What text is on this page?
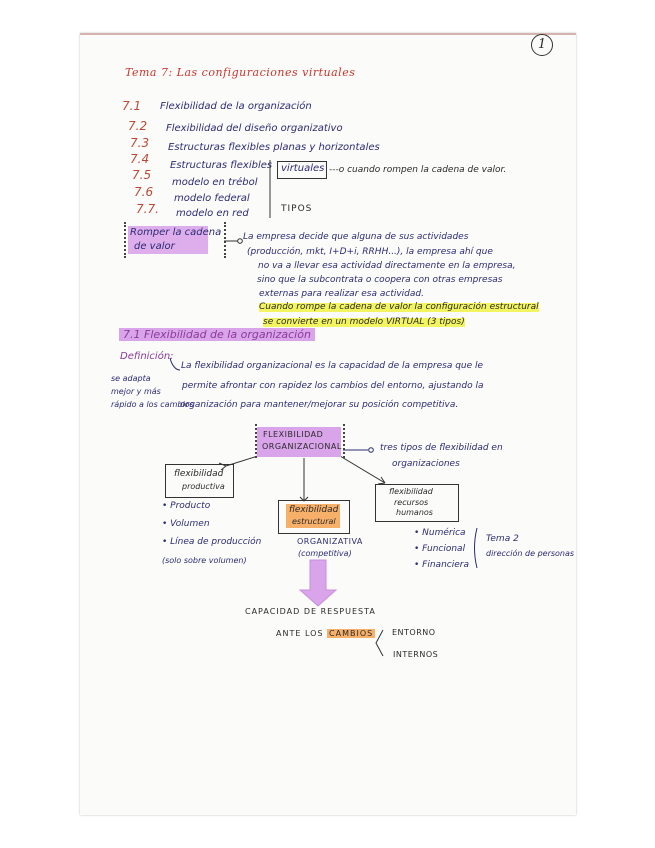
1
Tema 7: Las configuraciones virtuales
7.1 Flexibilidad de la organización
7.2 Flexibilidad del diseño organizativo
7.3 Estructuras flexibles planas y horizontales
7.4 Estructuras flexibles
7.5
modelo en trébol
7.6 modelo federal
7.7. modelo en red
virtuales ---o cuando rompen la cadena de valor.
TIPOS
Romper la cadena
de valor
La empresa decide que alguna de sus actividades
(producción, mkt, I+D+i, RRHH...), la empresa ahí que
no va a llevar esa actividad directamente en la empresa,
sino que la subcontrata o coopera con otras empresas
externas para realizar esa actividad.
Cuando rompe la cadena de valor la configuración estructural
se convierte en un modelo VIRTUAL (3 tipos)
7.1 Flexibilidad de la organización
Definición:
La flexibilidad organizacional es la capacidad de la empresa que le
permite afrontar con rapidez los cambios del entorno, ajustando la
organización para mantener/mejorar su posición competitiva.
se adapta
mejor y más
rápido a los cambios
FLEXIBILIDAD
ORGANIZACIONAL	tres tipos de flexibilidad en
organizaciones
flexibilidad
productiva
• Producto
• Volumen
• Línea de producción
(solo sobre volumen)
flexibilidad
estructural
ORGANIZATIVA
(competitiva)
flexibilidad
recursos
humanos
• Numérica
• Funcional
• Financiera
Tema 2
dirección de personas
CAPACIDAD DE RESPUESTA
ANTE LOS CAMBIOS ENTORNO
INTERNOS
